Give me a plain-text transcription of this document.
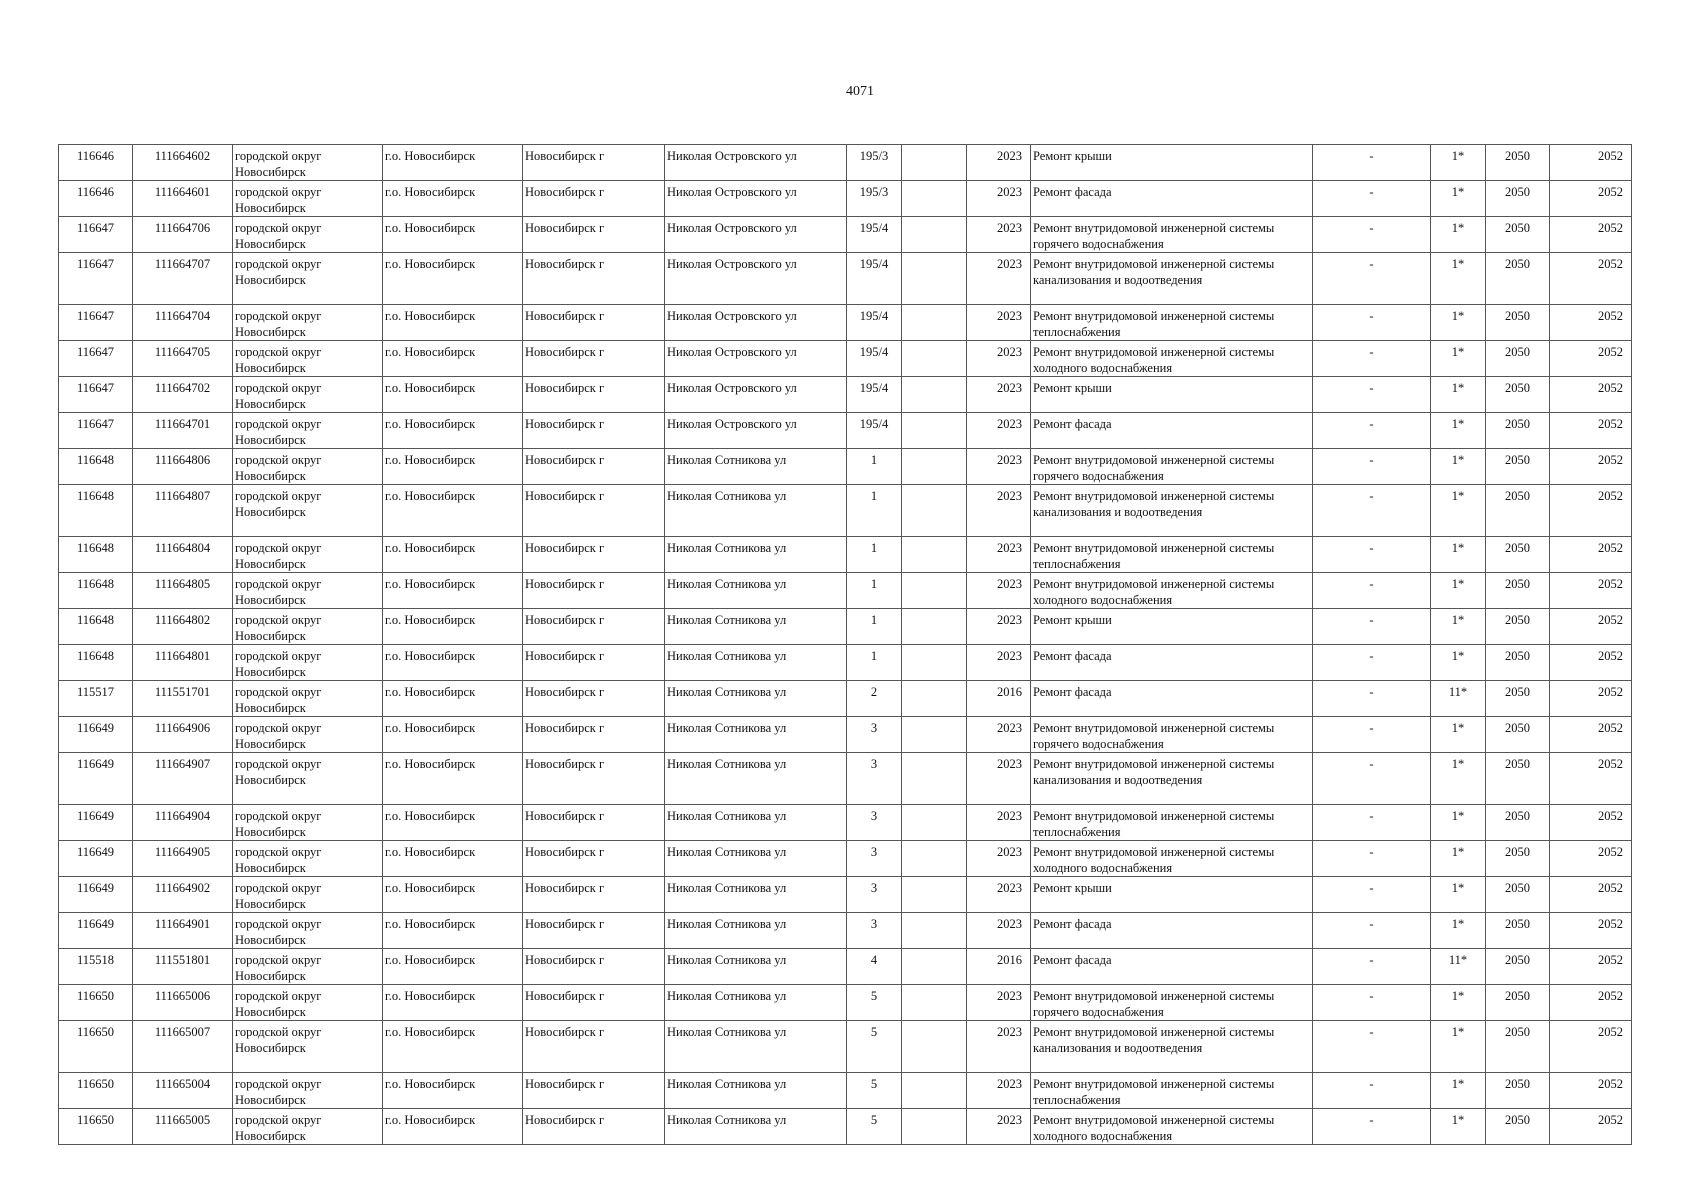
4071
116646	111664602	городской округ Новосибирск	г.о. Новосибирск	Новосибирск г	Николая Островского ул	195/3		2023	Ремонт крыши	-	1*	2050	2052
116646	111664601	городской округ Новосибирск	г.о. Новосибирск	Новосибирск г	Николая Островского ул	195/3		2023	Ремонт фасада	-	1*	2050	2052
116647	111664706	городской округ Новосибирск	г.о. Новосибирск	Новосибирск г	Николая Островского ул	195/4		2023	Ремонт внутридомовой инженерной системы горячего водоснабжения	-	1*	2050	2052
116647	111664707	городской округ Новосибирск	г.о. Новосибирск	Новосибирск г	Николая Островского ул	195/4		2023	Ремонт внутридомовой инженерной системы канализования и водоотведения	-	1*	2050	2052
116647	111664704	городской округ Новосибирск	г.о. Новосибирск	Новосибирск г	Николая Островского ул	195/4		2023	Ремонт внутридомовой инженерной системы теплоснабжения	-	1*	2050	2052
116647	111664705	городской округ Новосибирск	г.о. Новосибирск	Новосибирск г	Николая Островского ул	195/4		2023	Ремонт внутридомовой инженерной системы холодного водоснабжения	-	1*	2050	2052
116647	111664702	городской округ Новосибирск	г.о. Новосибирск	Новосибирск г	Николая Островского ул	195/4		2023	Ремонт крыши	-	1*	2050	2052
116647	111664701	городской округ Новосибирск	г.о. Новосибирск	Новосибирск г	Николая Островского ул	195/4		2023	Ремонт фасада	-	1*	2050	2052
116648	111664806	городской округ Новосибирск	г.о. Новосибирск	Новосибирск г	Николая Сотникова ул	1		2023	Ремонт внутридомовой инженерной системы горячего водоснабжения	-	1*	2050	2052
116648	111664807	городской округ Новосибирск	г.о. Новосибирск	Новосибирск г	Николая Сотникова ул	1		2023	Ремонт внутридомовой инженерной системы канализования и водоотведения	-	1*	2050	2052
116648	111664804	городской округ Новосибирск	г.о. Новосибирск	Новосибирск г	Николая Сотникова ул	1		2023	Ремонт внутридомовой инженерной системы теплоснабжения	-	1*	2050	2052
116648	111664805	городской округ Новосибирск	г.о. Новосибирск	Новосибирск г	Николая Сотникова ул	1		2023	Ремонт внутридомовой инженерной системы холодного водоснабжения	-	1*	2050	2052
116648	111664802	городской округ Новосибирск	г.о. Новосибирск	Новосибирск г	Николая Сотникова ул	1		2023	Ремонт крыши	-	1*	2050	2052
116648	111664801	городской округ Новосибирск	г.о. Новосибирск	Новосибирск г	Николая Сотникова ул	1		2023	Ремонт фасада	-	1*	2050	2052
115517	111551701	городской округ Новосибирск	г.о. Новосибирск	Новосибирск г	Николая Сотникова ул	2		2016	Ремонт фасада	-	11*	2050	2052
116649	111664906	городской округ Новосибирск	г.о. Новосибирск	Новосибирск г	Николая Сотникова ул	3		2023	Ремонт внутридомовой инженерной системы горячего водоснабжения	-	1*	2050	2052
116649	111664907	городской округ Новосибирск	г.о. Новосибирск	Новосибирск г	Николая Сотникова ул	3		2023	Ремонт внутридомовой инженерной системы канализования и водоотведения	-	1*	2050	2052
116649	111664904	городской округ Новосибирск	г.о. Новосибирск	Новосибирск г	Николая Сотникова ул	3		2023	Ремонт внутридомовой инженерной системы теплоснабжения	-	1*	2050	2052
116649	111664905	городской округ Новосибирск	г.о. Новосибирск	Новосибирск г	Николая Сотникова ул	3		2023	Ремонт внутридомовой инженерной системы холодного водоснабжения	-	1*	2050	2052
116649	111664902	городской округ Новосибирск	г.о. Новосибирск	Новосибирск г	Николая Сотникова ул	3		2023	Ремонт крыши	-	1*	2050	2052
116649	111664901	городской округ Новосибирск	г.о. Новосибирск	Новосибирск г	Николая Сотникова ул	3		2023	Ремонт фасада	-	1*	2050	2052
115518	111551801	городской округ Новосибирск	г.о. Новосибирск	Новосибирск г	Николая Сотникова ул	4		2016	Ремонт фасада	-	11*	2050	2052
116650	111665006	городской округ Новосибирск	г.о. Новосибирск	Новосибирск г	Николая Сотникова ул	5		2023	Ремонт внутридомовой инженерной системы горячего водоснабжения	-	1*	2050	2052
116650	111665007	городской округ Новосибирск	г.о. Новосибирск	Новосибирск г	Николая Сотникова ул	5		2023	Ремонт внутридомовой инженерной системы канализования и водоотведения	-	1*	2050	2052
116650	111665004	городской округ Новосибирск	г.о. Новосибирск	Новосибирск г	Николая Сотникова ул	5		2023	Ремонт внутридомовой инженерной системы теплоснабжения	-	1*	2050	2052
116650	111665005	городской округ Новосибирск	г.о. Новосибирск	Новосибирск г	Николая Сотникова ул	5		2023	Ремонт внутридомовой инженерной системы холодного водоснабжения	-	1*	2050	2052
